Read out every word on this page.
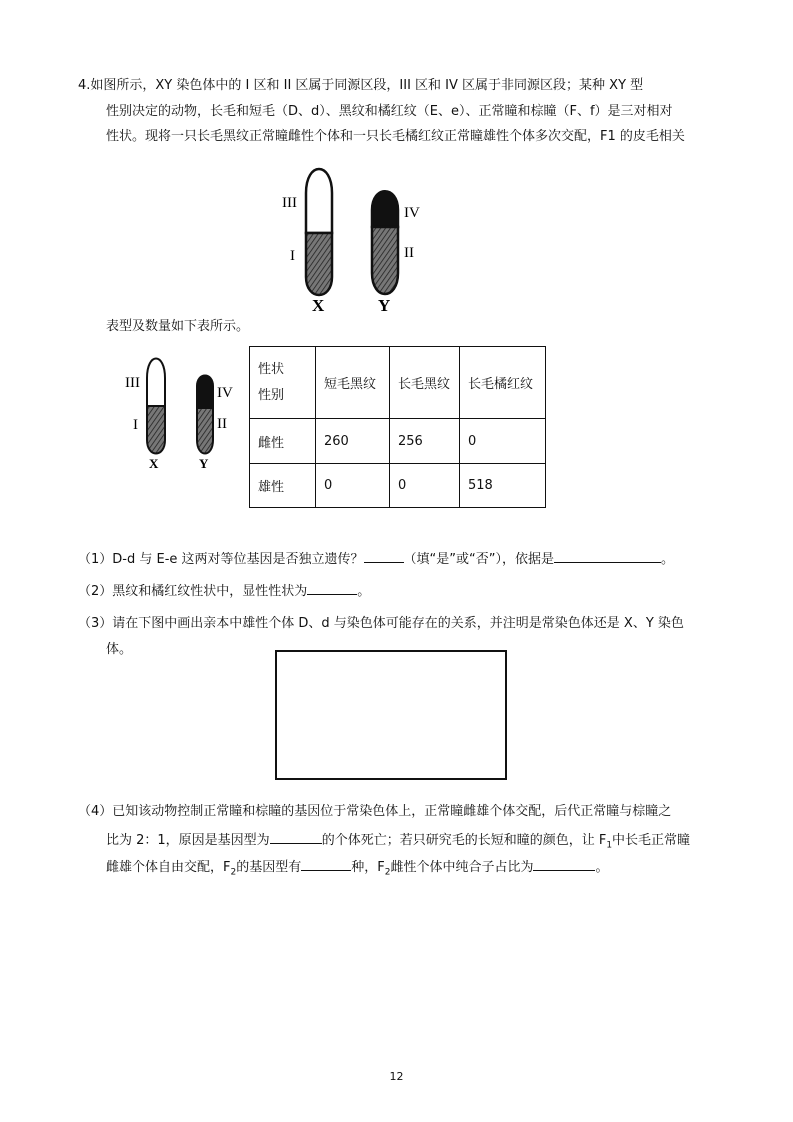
4.如图所示，XY 染色体中的 I 区和 II 区属于同源区段，III 区和 IV 区属于非同源区段；某种 XY 型
性别决定的动物，长毛和短毛（D、d）、黑纹和橘红纹（E、e）、正常瞳和棕瞳（F、f）是三对相对
性状。现将一只长毛黑纹正常瞳雌性个体和一只长毛橘红纹正常瞳雄性个体多次交配，F1 的皮毛相关
III
I
IV
II
X	Y
表型及数量如下表所示。
III
I
IV
II
X	Y
性状
性别	短毛黑纹	长毛黑纹	长毛橘红纹
雌性	260	256	0
雄性	0	0	518
（1）D-d 与 E-e 这两对等位基因是否独立遗传？	（填“是”或“否”），依据是	。
（2）黑纹和橘红纹性状中，显性性状为	。
（3）请在下图中画出亲本中雄性个体 D、d 与染色体可能存在的关系，并注明是常染色体还是 X、Y 染色
体。
（4）已知该动物控制正常瞳和棕瞳的基因位于常染色体上，正常瞳雌雄个体交配，后代正常瞳与棕瞳之
比为 2：1，原因是基因型为	的个体死亡；若只研究毛的长短和瞳的颜色，让 $F_1$中长毛正常瞳
雌雄个体自由交配，$F_2$的基因型有	种，$F_2$雌性个体中纯合子占比为	。
12
